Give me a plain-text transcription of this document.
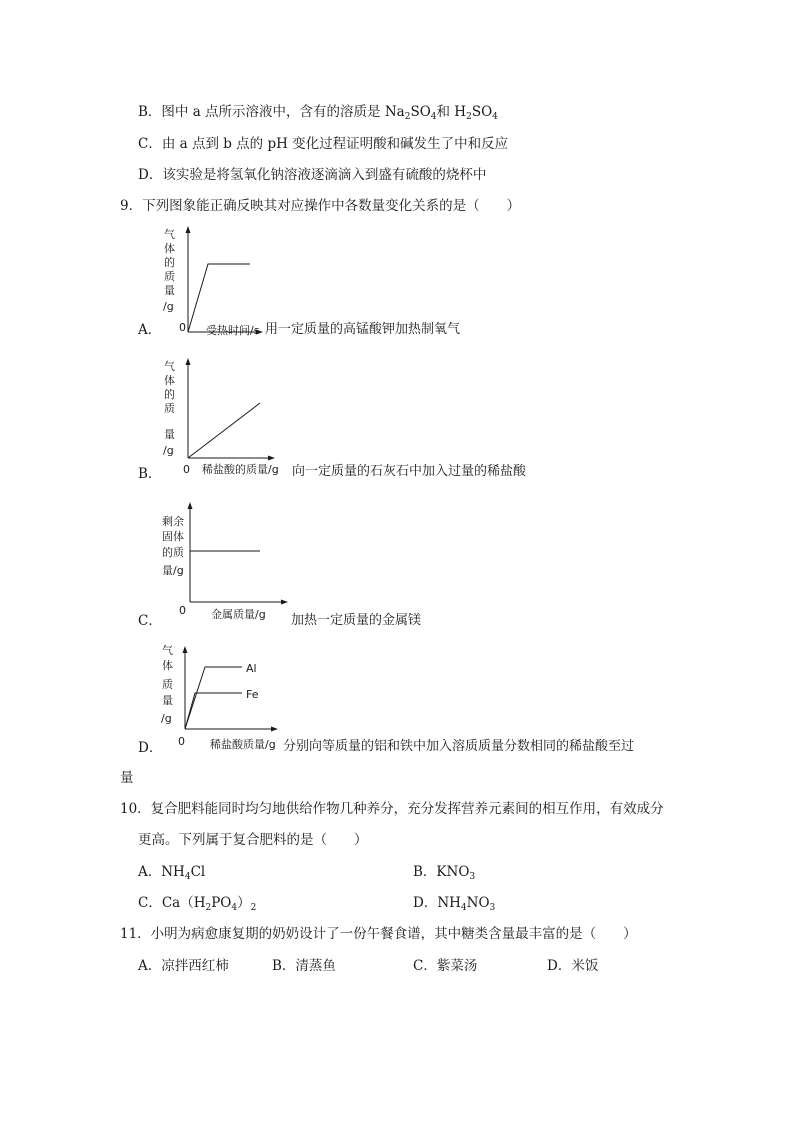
B．图中 a 点所示溶液中，含有的溶质是 $Na_2SO_4$和 $H_2SO_4$
C．由 a 点到 b 点的 pH 变化过程证明酸和碱发生了中和反应
D．该实验是将氢氧化钠溶液逐滴滴入到盛有硫酸的烧杯中
9．下列图象能正确反映其对应操作中各数量变化关系的是（　　）
A．
气
体
的
质
量
/g
0 受热时间/s 用一定质量的高锰酸钾加热制氧气
B．
气
体
的
质
量
/g
0 稀盐酸的质量/g 向一定质量的石灰石中加入过量的稀盐酸
C．
剩余
固体
的质
量/g
0 金属质量/g 加热一定质量的金属镁
D．
气
体
质
量
/g
Al
Fe
0 稀盐酸质量/g 分别向等质量的铝和铁中加入溶质质量分数相同的稀盐酸至过
量
10．复合肥料能同时均匀地供给作物几种养分，充分发挥营养元素间的相互作用，有效成分
更高。下列属于复合肥料的是（　　）
A．$NH_4Cl$	B．$KNO_3$
C．$Ca(H_2PO_4)_2$	D．$NH_4NO_3$
11．小明为病愈康复期的奶奶设计了一份午餐食谱，其中糖类含量最丰富的是（　　）
A．凉拌西红柿	B．清蒸鱼	C．紫菜汤	D．米饭
